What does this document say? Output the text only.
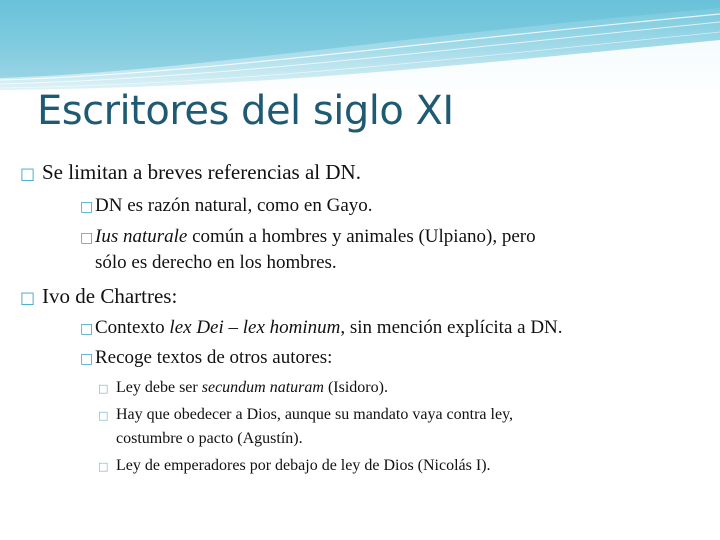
Escritores del siglo XI
□ Se limitan a breves referencias al DN.
□DN es razón natural, como en Gayo.
□Ius naturale común a hombres y animales (Ulpiano), pero
sólo es derecho en los hombres.
□ Ivo de Chartres:
□Contexto lex Dei – lex hominum, sin mención explícita a DN.
□Recoge textos de otros autores:
□ Ley debe ser secundum naturam (Isidoro).
□ Hay que obedecer a Dios, aunque su mandato vaya contra ley,
costumbre o pacto (Agustín).
□ Ley de emperadores por debajo de ley de Dios (Nicolás I).
